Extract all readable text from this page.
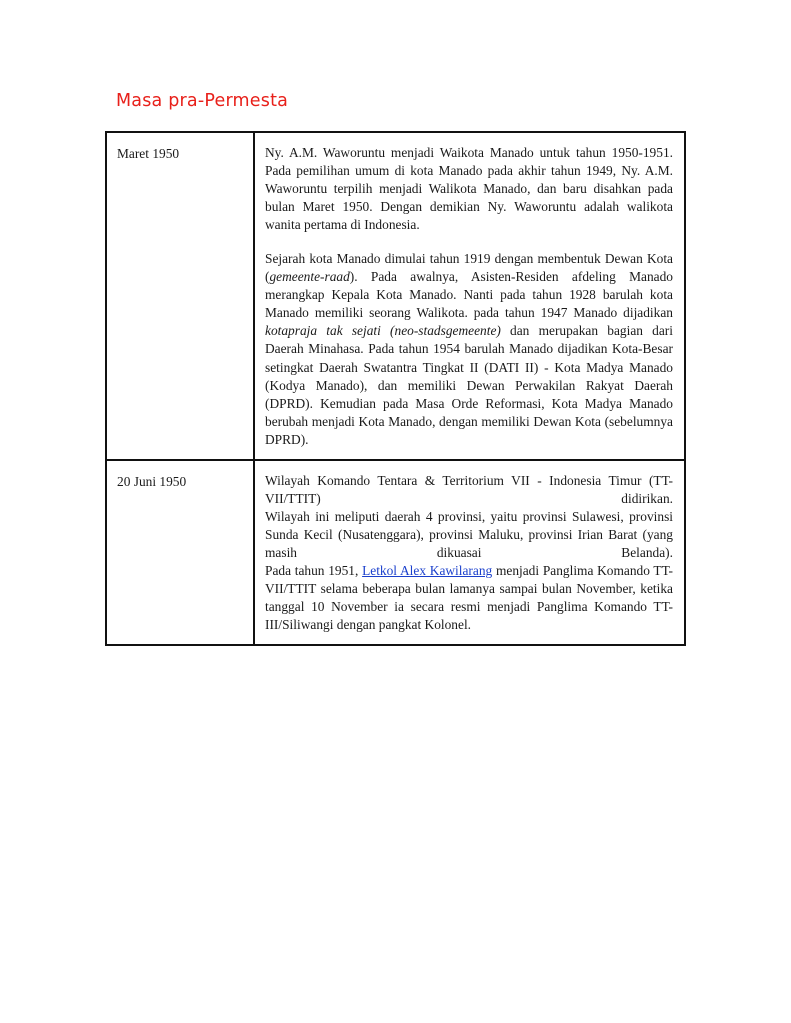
Masa pra-Permesta
Maret 1950	Ny. A.M. Waworuntu menjadi Waikota Manado untuk tahun 1950-1951. Pada pemilihan umum di kota Manado pada akhir tahun 1949, Ny. A.M. Waworuntu terpilih menjadi Walikota Manado, dan baru disahkan pada bulan Maret 1950. Dengan demikian Ny. Waworuntu adalah walikota wanita pertama di Indonesia.

Sejarah kota Manado dimulai tahun 1919 dengan membentuk Dewan Kota (gemeente-raad). Pada awalnya, Asisten-Residen afdeling Manado merangkap Kepala Kota Manado. Nanti pada tahun 1928 barulah kota Manado memiliki seorang Walikota. pada tahun 1947 Manado dijadikan kotapraja tak sejati (neo-stadsgemeente) dan merupakan bagian dari Daerah Minahasa. Pada tahun 1954 barulah Manado dijadikan Kota-Besar setingkat Daerah Swatantra Tingkat II (DATI II) - Kota Madya Manado (Kodya Manado), dan memiliki Dewan Perwakilan Rakyat Daerah (DPRD). Kemudian pada Masa Orde Reformasi, Kota Madya Manado berubah menjadi Kota Manado, dengan memiliki Dewan Kota (sebelumnya DPRD).

20 Juni 1950	Wilayah Komando Tentara & Territorium VII - Indonesia Timur (TT-VII/TTIT) didirikan.
Wilayah ini meliputi daerah 4 provinsi, yaitu provinsi Sulawesi, provinsi Sunda Kecil (Nusatenggara), provinsi Maluku, provinsi Irian Barat (yang masih dikuasai Belanda).
Pada tahun 1951, Letkol Alex Kawilarang menjadi Panglima Komando TT-VII/TTIT selama beberapa bulan lamanya sampai bulan November, ketika tanggal 10 November ia secara resmi menjadi Panglima Komando TT-III/Siliwangi dengan pangkat Kolonel.
